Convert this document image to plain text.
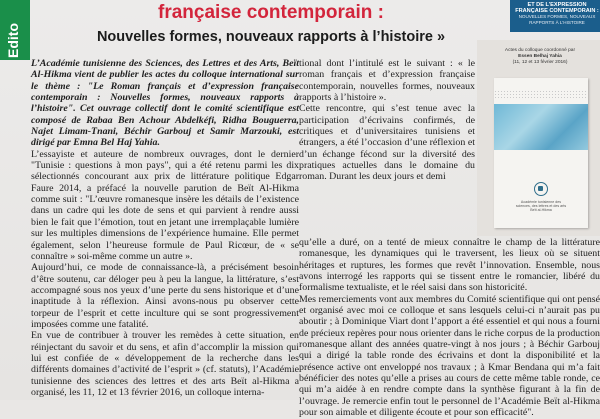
Edito
française contemporain :
Nouvelles formes, nouveaux rapports à l’histoire »
ET DE L’EXPRESSION FRANÇAISE CONTEMPORAIN :
NOUVELLES FORMES, NOUVEAUX RAPPORTS À L’HISTOIRE

L’Académie tunisienne des Sciences, des Lettres et des Arts, Beït Al-Hikma vient de publier les actes du colloque international sur le thème : "Le Roman français et d’expression française contemporain : Nouvelles formes, nouveaux rapports à l’histoire". Cet ouvrage collectif dont le comité scientifique est composé de Rabaa Ben Achour Abdelkéfi, Ridha Bouguerra, Najet Limam-Tnani, Béchir Garbouj et Samir Marzouki, est dirigé par Emna Bel Haj Yahia.

L’essayiste et auteure de nombreux ouvrages, dont le dernier "Tunisie : questions à mon pays", qui a été retenu parmi les dix sélectionnés concourant aux prix de littérature politique Edgar Faure 2014, a préfacé la nouvelle parution de Beït Al-Hikma comme suit : "L’œuvre romanesque insère les détails de l’existence dans un cadre qui les dote de sens et qui parvient à rendre aussi bien le fait que l’émotion, tout en jetant une irremplaçable lumière sur les multiples dimensions de l’expérience humaine. Elle permet également, selon l’heureuse formule de Paul Ricœur, de « se connaître » soi-même comme un autre ».

Aujourd’hui, ce mode de connaissance-là, a précisément besoin d’être soutenu, car déloger peu à peu la langue, la littérature, s’est accompagné sous nos yeux d’une perte du sens historique et d’une inaptitude à la réflexion. Ainsi avons-nous pu observer cette torpeur de l’esprit et cette inculture qui se sont progressivement imposées comme une fatalité.

En vue de contribuer à trouver les remèdes à cette situation, en réinjectant du savoir et du sens, et afin d’accomplir la mission qui lui est confiée de « développement de la recherche dans les différents domaines d’activité de l’esprit » (cf. statuts), l’Académie tunisienne des sciences des lettres et des arts Beït al-Hikma a organisé, les 11, 12 et 13 février 2016, un colloque interna-

tional dont l’intitulé est le suivant : « le roman français et d’expression française contemporain, nouvelles formes, nouveaux rapports à l’histoire ».

Cette rencontre, qui s’est tenue avec la participation d’écrivains confirmés, de critiques et d’universitaires tunisiens et étrangers, a été l’occasion d’une réflexion et d’un échange fécond sur la diversité des pratiques actuelles dans le domaine du roman. Durant les deux jours et demi

Actes du colloque coordonné par
Essen Belhaj Yahia
(11, 12 et 13 février 2016)
Académie tunisienne des
sciences, des lettres et des arts
Beït al-Hikma

qu’elle a duré, on a tenté de mieux connaître le champ de la littérature romanesque, les dynamiques qui le traversent, les lieux où se situent héritages et ruptures, les formes que revêt l’innovation. Ensemble, nous avons interrogé les rapports qui se tissent entre le romancier, libéré du formalisme textualiste, et le réel saisi dans son historicité.

Mes remerciements vont aux membres du Comité scientifique qui ont pensé et organisé avec moi ce colloque et sans lesquels celui-ci n’aurait pas pu aboutir ; à Dominique Viart dont l’apport a été essentiel et qui nous a fourni de précieux repères pour nous orienter dans le riche corpus de la production romanesque allant des années quatre-vingt à nos jours ; à Béchir Garbouj qui a dirigé la table ronde des écrivains et dont la disponibilité et la présence active ont enveloppé nos travaux ; à Kmar Bendana qui m’a fait bénéficier des notes qu’elle a prises au cours de cette même table ronde, ce qui m’a aidée à en rendre compte dans la synthèse figurant à la fin de l’ouvrage. Je remercie enfin tout le personnel de l’Académie Beït al-Hikma pour son aimable et diligente écoute et pour son efficacité".
